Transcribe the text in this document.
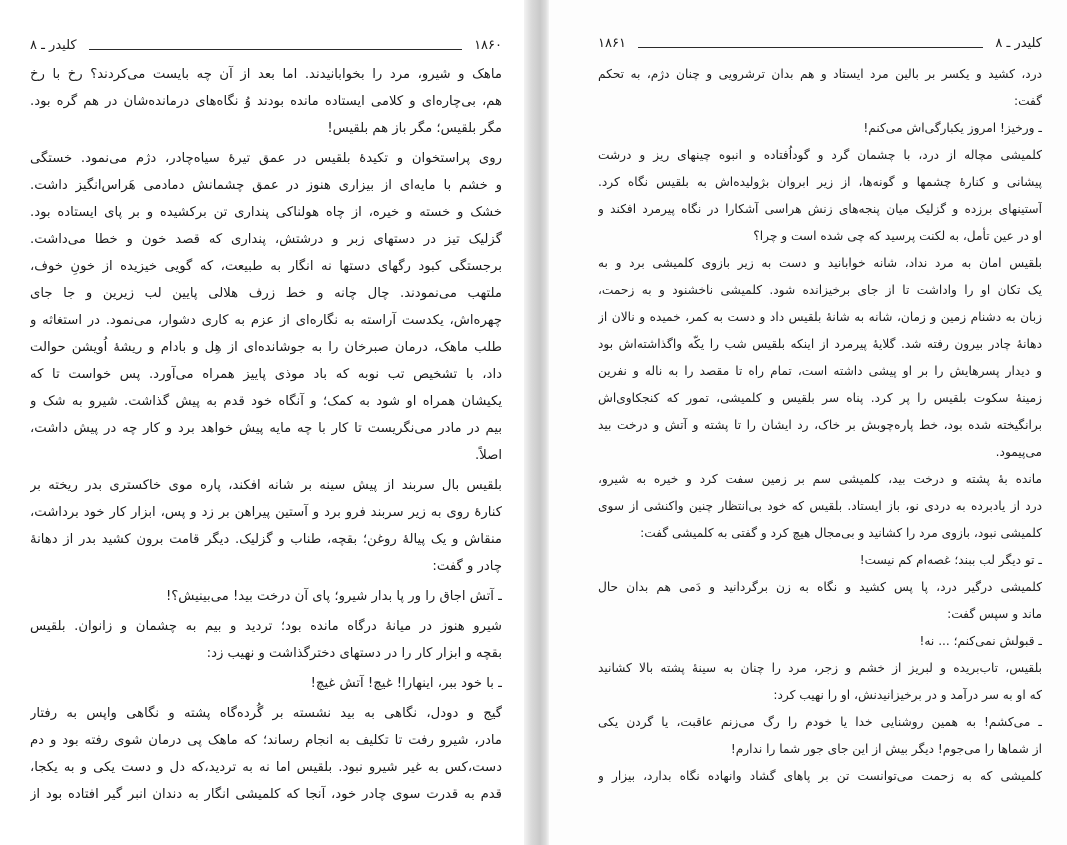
کلیدر ـ ۸	۱۸۶۰
ماهک و شیرو، مرد را بخوابانیدند. اما بعد از آن چه بایست می‌کردند؟ رخ با رخ
هم، بی‌چاره‌ای و کلامی ایستاده مانده بودند وُ نگاه‌های درمانده‌شان در هم گره بود.
مگر بلقیس؛ مگر باز هم بلقیس!
روی پراستخوان و تکیدهٔ بلقیس در عمق تیرهٔ سیاه‌چادر، دژم می‌نمود. خستگی
و خشم با مایه‌ای از بیزاری هنوز در عمق چشمانش دمادمی هَراس‌انگیز داشت.
خشک و خسته و خیره، از چاه هولناکی پنداری تن برکشیده و بر پای ایستاده بود.
گزلیک تیز در دستهای زبر و درشتش، پنداری که قصد خون و خطا می‌داشت.
برجستگی کبود رگهای دستها نه انگار به طبیعت، که گویی خیزیده از خونِ خوف،
ملتهب می‌نمودند. چال چانه و خط زرف هلالی پایین لب زیرین و جا جای
چهره‌اش، یکدست آراسته به نگاره‌ای از عزم به کاری دشوار، می‌نمود. در استغاثه و
طلب ماهک، درمان صبرخان را به جوشانده‌ای از هِل و بادام و ریشهٔ اُویشن حوالت
داد، با تشخیص تب نوبه که باد موذی پاییز همراه می‌آورد. پس خواست تا که
یکیشان همراه او شود به کمک؛ و آنگاه خود قدم به پیش گذاشت. شیرو به شک و
بیم در مادر می‌نگریست تا کار با چه مایه پیش خواهد برد و کار چه در پیش داشت،
اصلاً.
بلقیس بال سربند از پیش سینه بر شانه افکند، پاره موی خاکستری بدر ریخته بر
کنارهٔ روی به زیر سربند فرو برد و آستین پیراهن بر زد و پس، ابزار کار خود برداشت،
منقاش و یک پیالهٔ روغن؛ بقچه، طناب و گزلیک. دیگر قامت برون کشید بدر از دهانهٔ
چادر و گفت:
ـ آتش اجاق را ور پا بدار شیرو؛ پای آن درخت بید! می‌بینیش؟!
شیرو هنوز در میانهٔ درگاه مانده بود؛ تردید و بیم به چشمان و زانوان. بلقیس
بقچه و ابزار کار را در دستهای دخترگذاشت و نهیب زد:
ـ با خود ببر، اینهارا! غیچ! آتش غیچ!
گیج و دودل، نگاهی به بید نشسته بر گُرده‌گاه پشته و نگاهی واپس به رفتار
مادر، شیرو رفت تا تکلیف به انجام رساند؛ که ماهک پی درمان شوی رفته بود و دم
دست،کس به غیر شیرو نبود. بلقیس اما نه به تردید،که دل و دست یکی و به یکجا،
قدم به قدرت سوی چادر خود، آنجا که کلمیشی انگار به دندان انبر گیر افتاده بود از
۱۸۶۱	کلیدر ـ ۸
درد، کشید و یکسر بر بالین مرد ایستاد و هم بدان ترشرویی و چنان دژم، به تحکم
گفت:
ـ ورخیز! امروز یکبارگی‌اش می‌کنم!
کلمیشی مچاله از درد، با چشمان گرد و گوداُفتاده و انبوه چینهای ریز و درشت
پیشانی و کنارهٔ چشمها و گونه‌ها، از زیر ابروان بژولیده‌اش به بلقیس نگاه کرد.
آستینهای برزده و گزلیک میان پنجه‌های زنش هراسی آشکارا در نگاه پیرمرد افکند و
او در عین تأمل، به لکنت پرسید که چی شده است و چرا؟
بلقیس امان به مرد نداد، شانه خوابانید و دست به زیر بازوی کلمیشی برد و به
یک تکان او را واداشت تا از جای برخیزانده شود. کلمیشی ناخشنود و به زحمت،
زبان به دشنام زمین و زمان، شانه به شانهٔ بلقیس داد و دست به کمر، خمیده و نالان از
دهانهٔ چادر بیرون رفته شد. گلایهٔ پیرمرد از اینکه بلقیس شب را یکّه واگذاشته‌اش بود
و دیدار پسرهایش را بر او پیشی داشته است، تمام راه تا مقصد را به ناله و نفرین
زمینهٔ سکوت بلقیس را پر کرد. پناه سر بلقیس و کلمیشی، تمور که کنجکاوی‌اش
برانگیخته شده بود، خط پاره‌چوبش بر خاک، رد ایشان را تا پشته و آتش و درخت بید
می‌پیمود.
مانده بهٔ پشته و درخت بید، کلمیشی سم بر زمین سفت کرد و خیره به شیرو،
درد از یادبرده به دردی نو، باز ایستاد. بلقیس که خود بی‌انتظار چنین واکنشی از سوی
کلمیشی نبود، بازوی مرد را کشانید و بی‌مجال هیچ کرد و گفتی به کلمیشی گفت:
ـ تو دیگر لب ببند؛ غصه‌ام کم نیست!
کلمیشی درگیر درد، پا پس کشید و نگاه به زن برگردانید و دَمی هم بدان حال
ماند و سپس گفت:
ـ قبولش نمی‌کنم؛ ... نه!
بلقیس، تاب‌بریده و لبریز از خشم و زجر، مرد را چنان به سینهٔ پشته بالا کشانید
که او به سر درآمد و در برخیزانیدنش، او را نهیب کرد:
ـ می‌کشم! به همین روشنایی خدا یا خودم را رگ می‌زنم عاقبت، یا گردن یکی
از شماها را می‌جوم! دیگر بیش از این جای جور شما را ندارم!
کلمیشی که به زحمت می‌توانست تن بر پاهای گشاد وانهاده نگاه بدارد، بیزار و
